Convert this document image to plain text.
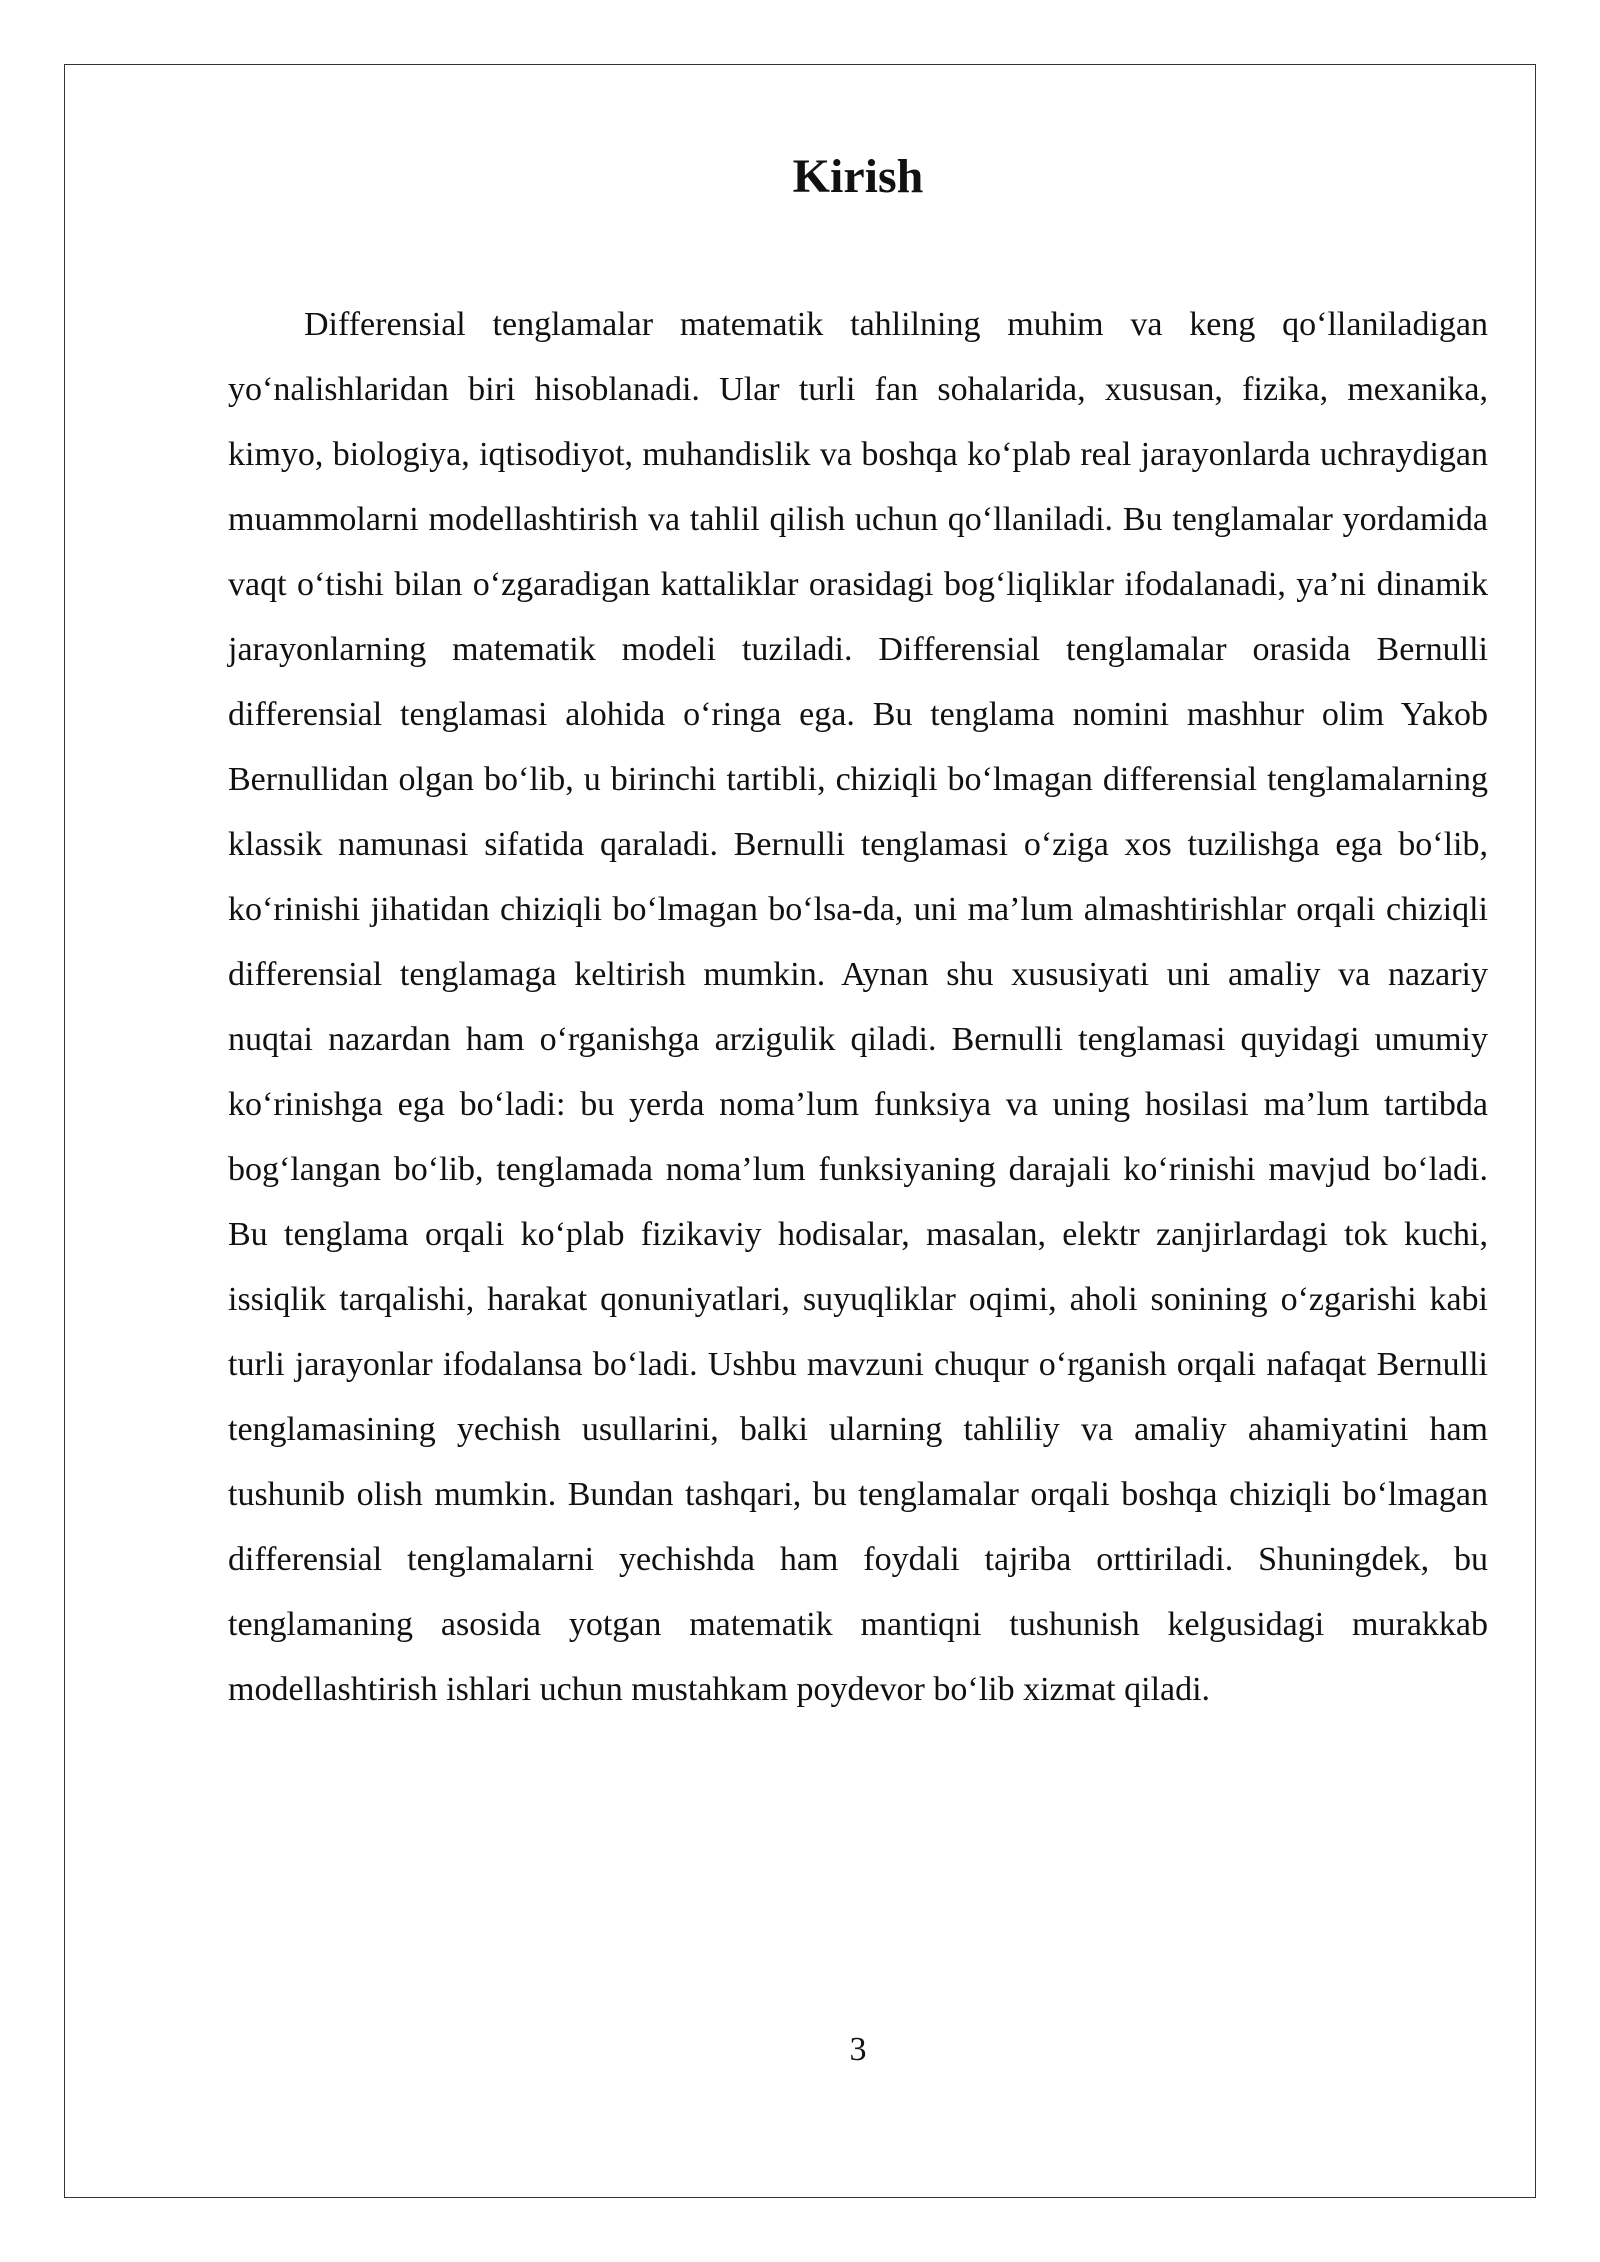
Kirish

Differensial tenglamalar matematik tahlilning muhim va keng qo‘llaniladigan yo‘nalishlaridan biri hisoblanadi. Ular turli fan sohalarida, xususan, fizika, mexanika, kimyo, biologiya, iqtisodiyot, muhandislik va boshqa ko‘plab real jarayonlarda uchraydigan muammolarni modellashtirish va tahlil qilish uchun qo‘llaniladi. Bu tenglamalar yordamida vaqt o‘tishi bilan o‘zgaradigan kattaliklar orasidagi bog‘liqliklar ifodalanadi, ya’ni dinamik jarayonlarning matematik modeli tuziladi. Differensial tenglamalar orasida Bernulli differensial tenglamasi alohida o‘ringa ega. Bu tenglama nomini mashhur olim Yakob Bernullidan olgan bo‘lib, u birinchi tartibli, chiziqli bo‘lmagan differensial tenglamalarning klassik namunasi sifatida qaraladi. Bernulli tenglamasi o‘ziga xos tuzilishga ega bo‘lib, ko‘rinishi jihatidan chiziqli bo‘lmagan bo‘lsa-da, uni ma’lum almashtirishlar orqali chiziqli differensial tenglamaga keltirish mumkin. Aynan shu xususiyati uni amaliy va nazariy nuqtai nazardan ham o‘rganishga arzigulik qiladi. Bernulli tenglamasi quyidagi umumiy ko‘rinishga ega bo‘ladi: bu yerda noma’lum funksiya va uning hosilasi ma’lum tartibda bog‘langan bo‘lib, tenglamada noma’lum funksiyaning darajali ko‘rinishi mavjud bo‘ladi. Bu tenglama orqali ko‘plab fizikaviy hodisalar, masalan, elektr zanjirlardagi tok kuchi, issiqlik tarqalishi, harakat qonuniyatlari, suyuqliklar oqimi, aholi sonining o‘zgarishi kabi turli jarayonlar ifodalansa bo‘ladi. Ushbu mavzuni chuqur o‘rganish orqali nafaqat Bernulli tenglamasining yechish usullarini, balki ularning tahliliy va amaliy ahamiyatini ham tushunib olish mumkin. Bundan tashqari, bu tenglamalar orqali boshqa chiziqli bo‘lmagan differensial tenglamalarni yechishda ham foydali tajriba orttiriladi. Shuningdek, bu tenglamaning asosida yotgan matematik mantiqni tushunish kelgusidagi murakkab modellashtirish ishlari uchun mustahkam poydevor bo‘lib xizmat qiladi.

3
